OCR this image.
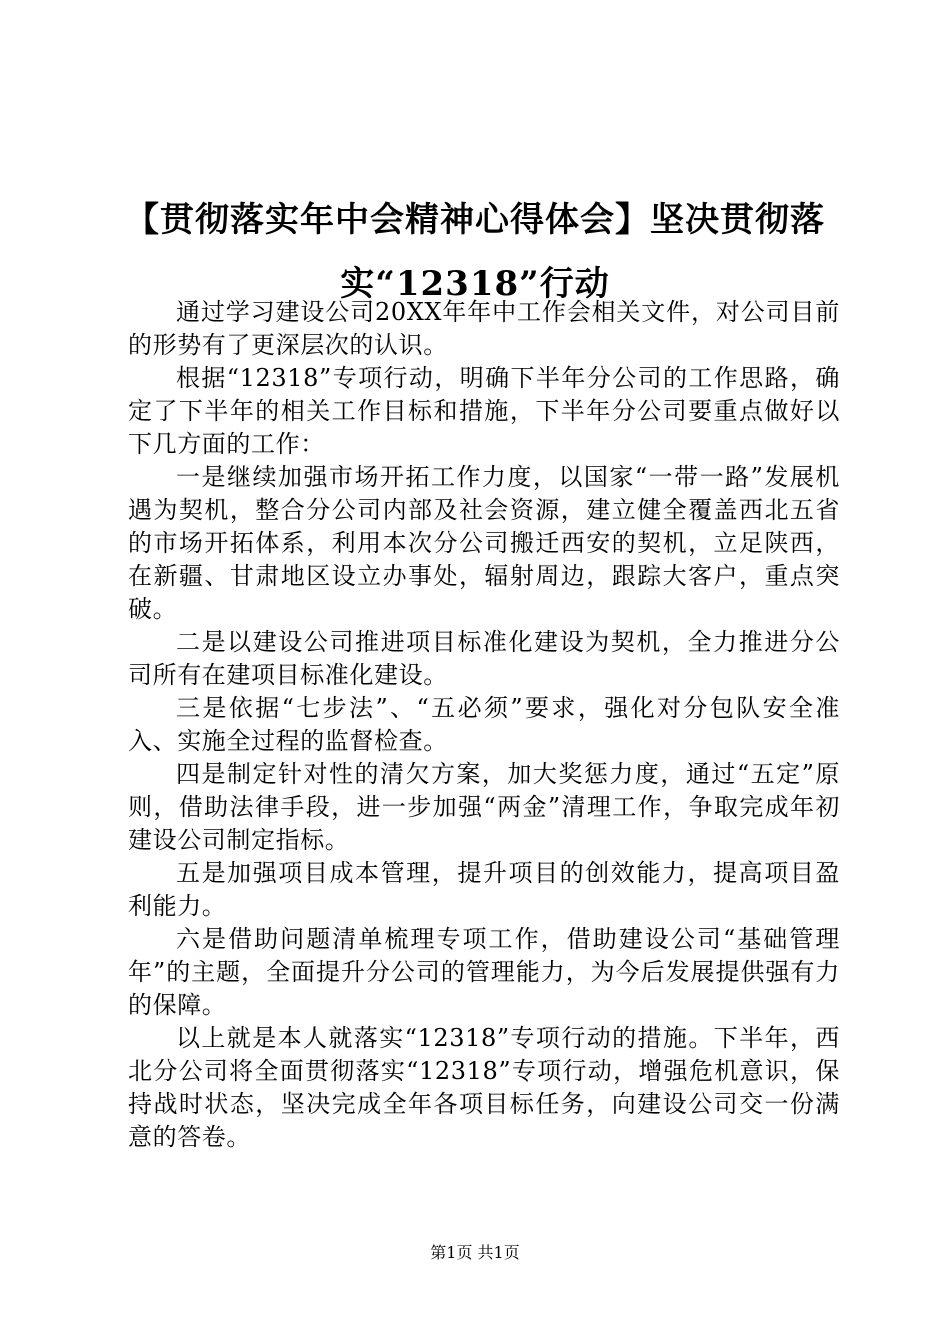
【贯彻落实年中会精神心得体会】坚决贯彻落实“12318”行动

通过学习建设公司20XX年年中工作会相关文件，对公司目前的形势有了更深层次的认识。

根据“12318”专项行动，明确下半年分公司的工作思路，确定了下半年的相关工作目标和措施，下半年分公司要重点做好以下几方面的工作：

一是继续加强市场开拓工作力度，以国家“一带一路”发展机遇为契机，整合分公司内部及社会资源，建立健全覆盖西北五省的市场开拓体系，利用本次分公司搬迁西安的契机，立足陕西，在新疆、甘肃地区设立办事处，辐射周边，跟踪大客户，重点突破。

二是以建设公司推进项目标准化建设为契机，全力推进分公司所有在建项目标准化建设。

三是依据“七步法”、“五必须”要求，强化对分包队安全准入、实施全过程的监督检查。

四是制定针对性的清欠方案，加大奖惩力度，通过“五定”原则，借助法律手段，进一步加强“两金”清理工作，争取完成年初建设公司制定指标。

五是加强项目成本管理，提升项目的创效能力，提高项目盈利能力。

六是借助问题清单梳理专项工作，借助建设公司“基础管理年”的主题，全面提升分公司的管理能力，为今后发展提供强有力的保障。

以上就是本人就落实“12318”专项行动的措施。下半年，西北分公司将全面贯彻落实“12318”专项行动，增强危机意识，保持战时状态，坚决完成全年各项目标任务，向建设公司交一份满意的答卷。

第1页 共1页
